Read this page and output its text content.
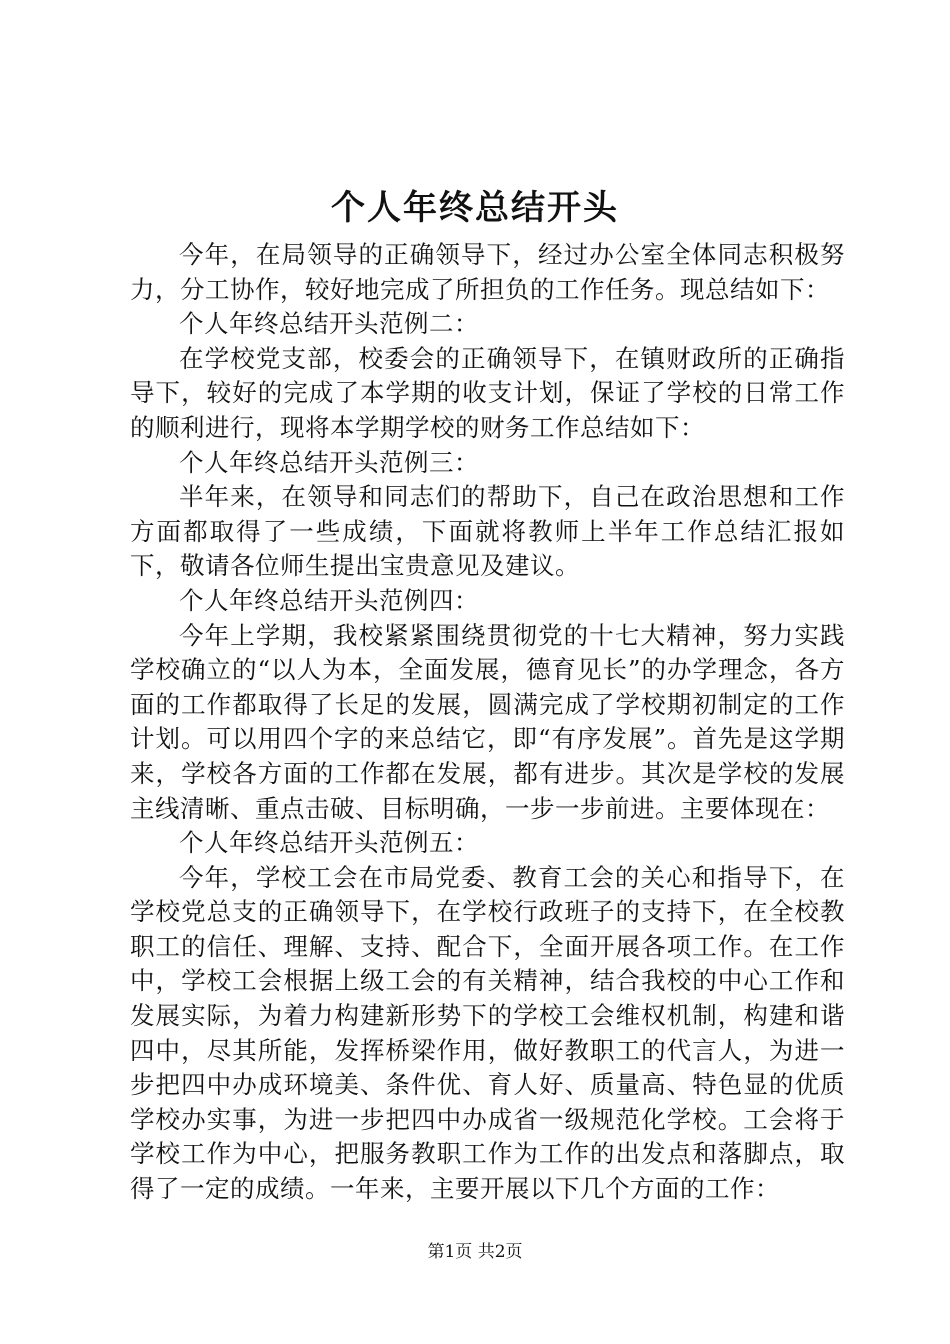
个人年终总结开头

今年，在局领导的正确领导下，经过办公室全体同志积极努力，分工协作，较好地完成了所担负的工作任务。现总结如下：

个人年终总结开头范例二：

在学校党支部，校委会的正确领导下，在镇财政所的正确指导下，较好的完成了本学期的收支计划，保证了学校的日常工作的顺利进行，现将本学期学校的财务工作总结如下：

个人年终总结开头范例三：

半年来，在领导和同志们的帮助下，自己在政治思想和工作方面都取得了一些成绩，下面就将教师上半年工作总结汇报如下，敬请各位师生提出宝贵意见及建议。

个人年终总结开头范例四：

今年上学期，我校紧紧围绕贯彻党的十七大精神，努力实践学校确立的“以人为本，全面发展，德育见长”的办学理念，各方面的工作都取得了长足的发展，圆满完成了学校期初制定的工作计划。可以用四个字的来总结它，即“有序发展”。首先是这学期来，学校各方面的工作都在发展，都有进步。其次是学校的发展主线清晰、重点击破、目标明确，一步一步前进。主要体现在：

个人年终总结开头范例五：

今年，学校工会在市局党委、教育工会的关心和指导下，在学校党总支的正确领导下，在学校行政班子的支持下，在全校教职工的信任、理解、支持、配合下，全面开展各项工作。在工作中，学校工会根据上级工会的有关精神，结合我校的中心工作和发展实际，为着力构建新形势下的学校工会维权机制，构建和谐四中，尽其所能，发挥桥梁作用，做好教职工的代言人，为进一步把四中办成环境美、条件优、育人好、质量高、特色显的优质学校办实事，为进一步把四中办成省一级规范化学校。工会将于学校工作为中心，把服务教职工作为工作的出发点和落脚点，取得了一定的成绩。一年来，主要开展以下几个方面的工作：

第1页 共2页
